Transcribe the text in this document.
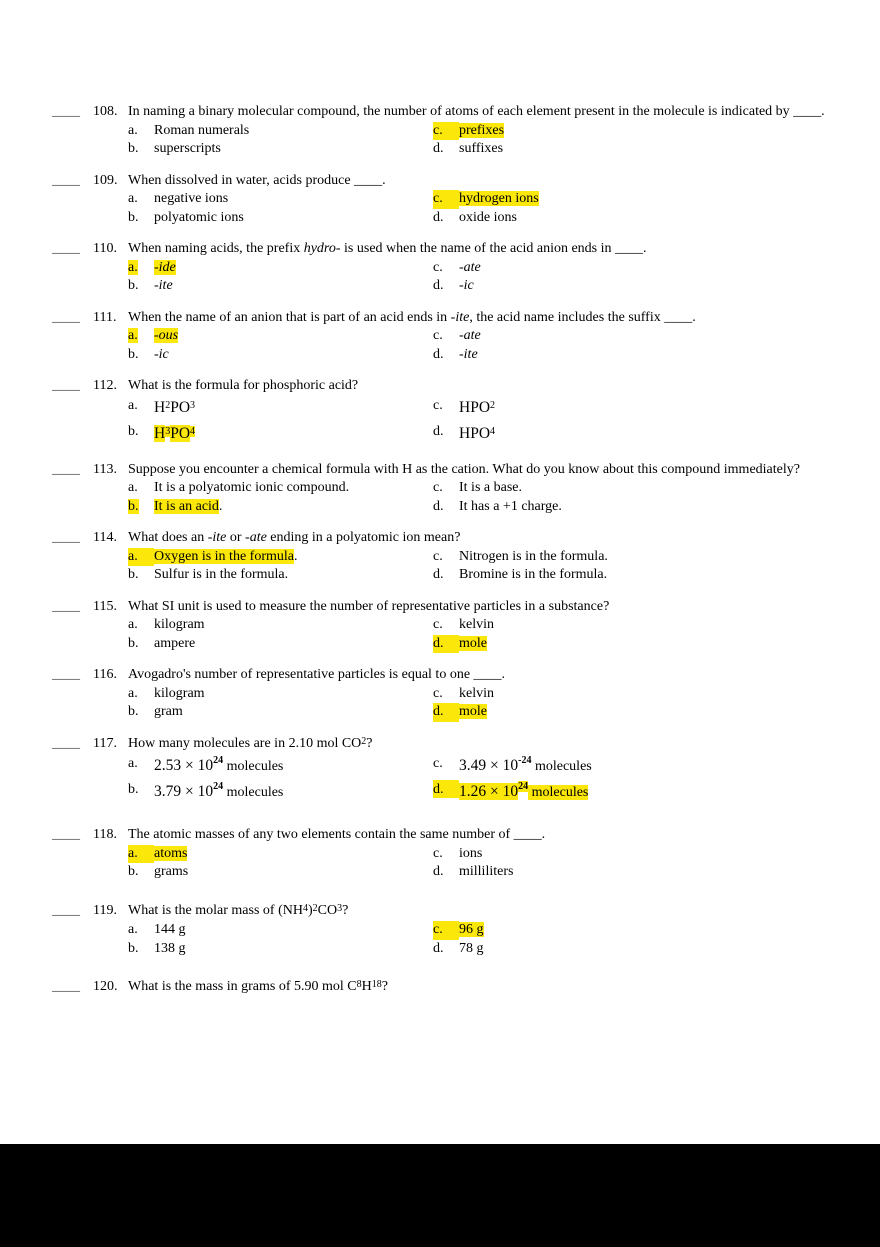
____ 108. In naming a binary molecular compound, the number of atoms of each element present in the molecule is indicated by ____.
a.	Roman numerals
b.	superscripts
c.	prefixes
d.	suffixes
____ 109. When dissolved in water, acids produce ____.
a.	negative ions
b.	polyatomic ions
c.	hydrogen ions
d.	oxide ions
____ 110. When naming acids, the prefix hydro- is used when the name of the acid anion ends in ____.
a.	-ide
b.	-ite
c.	-ate
d.	-ic
____ 111. When the name of an anion that is part of an acid ends in -ite, the acid name includes the suffix ____.
a.	-ous
b.	-ic
c.	-ate
d.	-ite
____ 112. What is the formula for phosphoric acid?
a.	$H^2PO^3$
b.	$H^3PO^4$
c.	HPO$^2$
d.	HPO$^4$
____ 113. Suppose you encounter a chemical formula with H as the cation. What do you know about this compound immediately?
a.	It is a polyatomic ionic compound.
b.	It is an acid.
c.	It is a base.
d.	It has a +1 charge.
____ 114. What does an -ite or -ate ending in a polyatomic ion mean?
a.	Oxygen is in the formula.
b.	Sulfur is in the formula.
c.	Nitrogen is in the formula.
d.	Bromine is in the formula.
____ 115. What SI unit is used to measure the number of representative particles in a substance?
a.	kilogram
b.	ampere
c.	kelvin
d.	mole
____ 116. Avogadro's number of representative particles is equal to one ____.
a.	kilogram
b.	gram
c.	kelvin
d.	mole
____ 117. How many molecules are in 2.10 mol $CO^2$?
a.	$2.53 \times 10^{24}$ molecules
b.	$3.79 \times 10^{24}$ molecules
c.	$3.49 \times 10^{-24}$ molecules
d.	$1.26 \times 10^{24}$ molecules
____ 118. The atomic masses of any two elements contain the same number of ____.
a.	atoms
b.	grams
c.	ions
d.	milliliters
____ 119. What is the molar mass of $(NH^4)^2CO^3$?
a.	144 g
b.	138 g
c.	96 g
d.	78 g
____ 120. What is the mass in grams of 5.90 mol $C^8H^{18}$?
